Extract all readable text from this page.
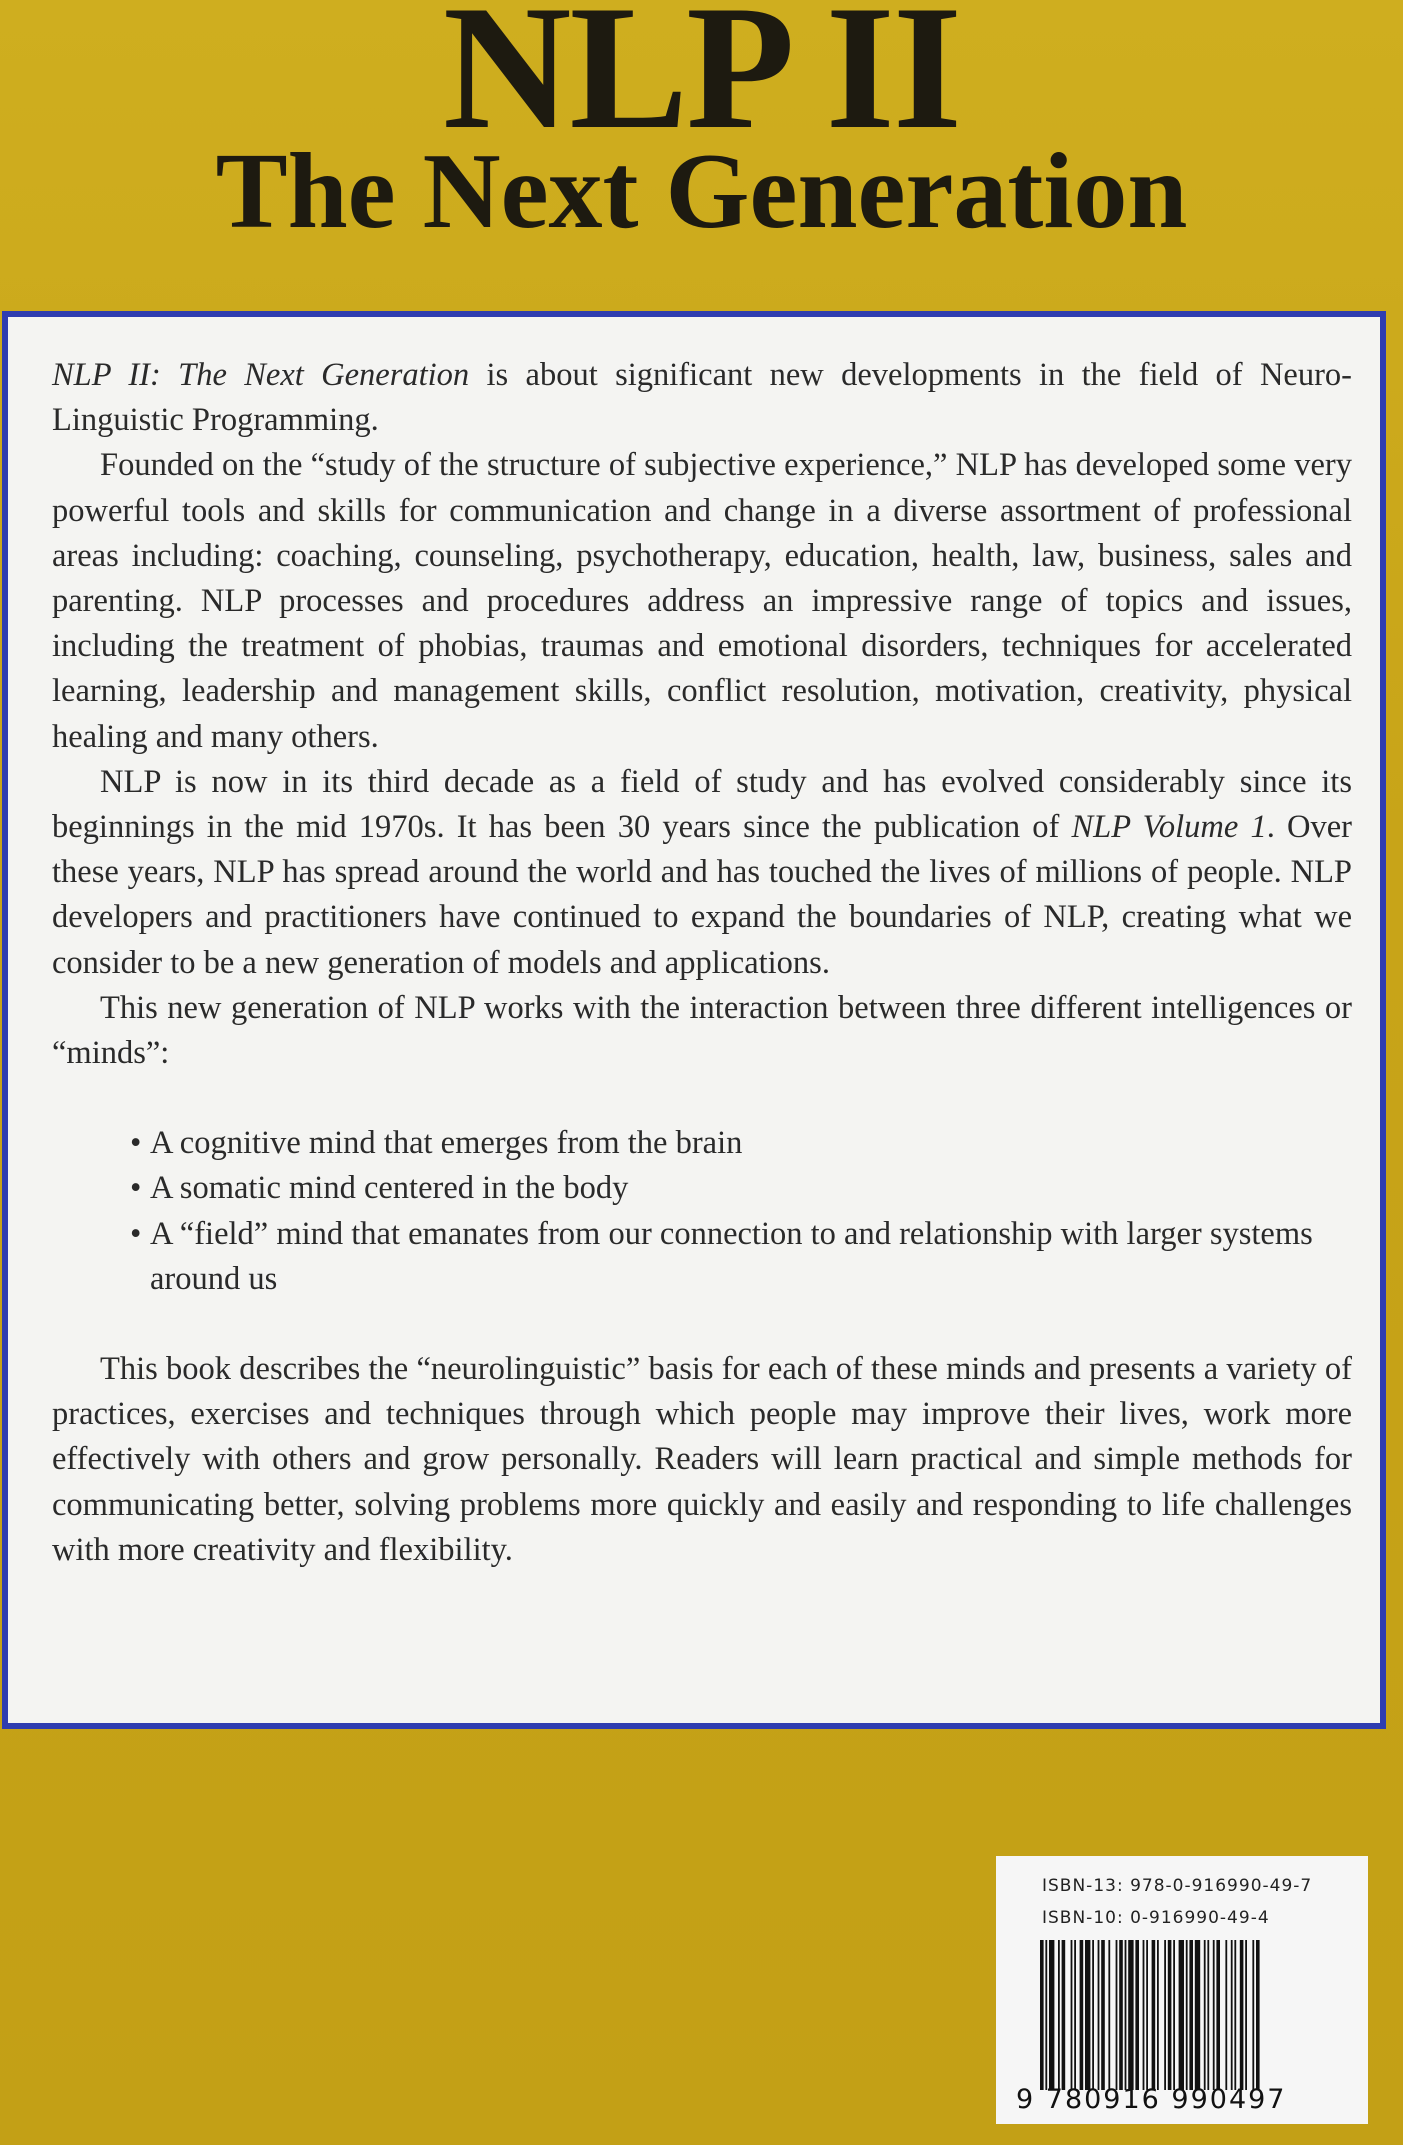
NLP II
The Next Generation

NLP II: The Next Generation is about significant new developments in the field of Neuro-Linguistic Programming.

Founded on the “study of the structure of subjective experience,” NLP has developed some very powerful tools and skills for communication and change in a diverse assortment of professional areas including: coaching, counseling, psychotherapy, education, health, law, business, sales and parenting. NLP processes and procedures address an impressive range of topics and issues, including the treatment of phobias, traumas and emotional disorders, techniques for accelerated learning, leadership and management skills, conflict resolution, motivation, creativity, physical healing and many others.

NLP is now in its third decade as a field of study and has evolved considerably since its beginnings in the mid 1970s. It has been 30 years since the publication of NLP Volume 1. Over these years, NLP has spread around the world and has touched the lives of millions of people. NLP developers and practitioners have continued to expand the boundaries of NLP, creating what we consider to be a new generation of models and applications.

This new generation of NLP works with the interaction between three different intelligences or “minds”:

• A cognitive mind that emerges from the brain
• A somatic mind centered in the body
• A “field” mind that emanates from our connection to and relationship with larger systems around us

This book describes the “neurolinguistic” basis for each of these minds and presents a variety of practices, exercises and techniques through which people may improve their lives, work more effectively with others and grow personally. Readers will learn practical and simple methods for communicating better, solving problems more quickly and easily and responding to life challenges with more creativity and flexibility.

ISBN-13: 978-0-916990-49-7
ISBN-10: 0-916990-49-4
9 780916 990497
